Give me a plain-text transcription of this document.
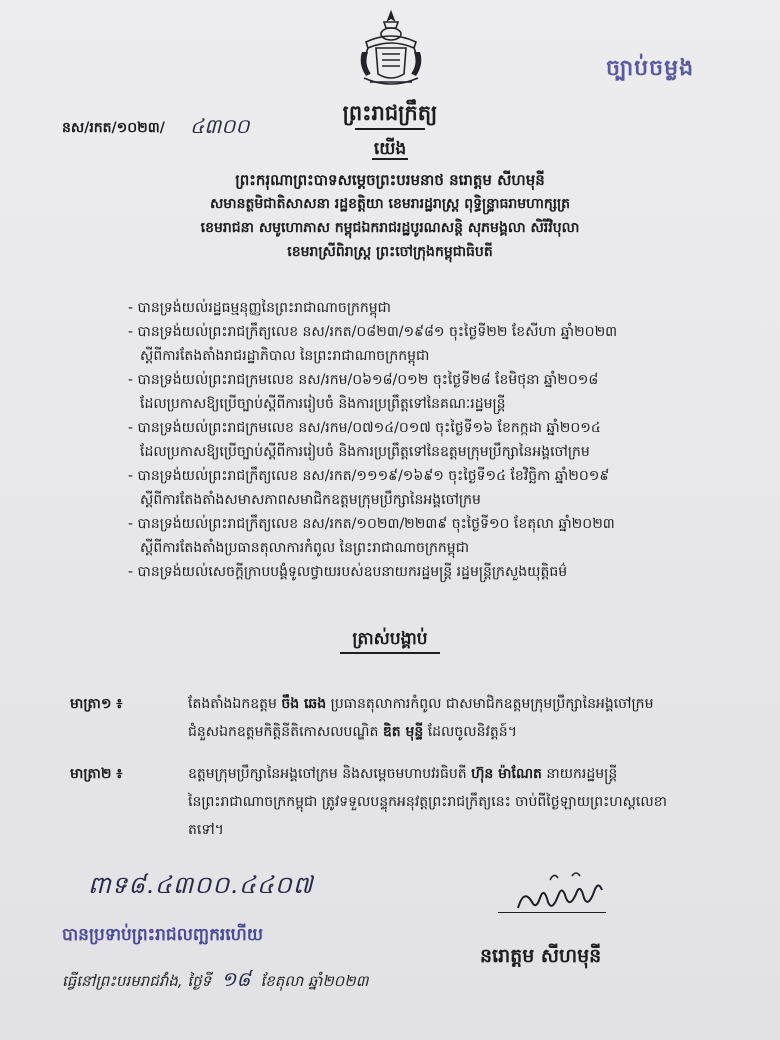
ច្បាប់ចម្លង
នស/រកត/១០២៣/ ៤៣០០
ព្រះរាជក្រឹត្យ
យើង
ព្រះករុណាព្រះបាទសម្តេចព្រះបរមនាថ នរោត្តម សីហមុនី
សមានត្ថមិជាតិសាសនា រដ្ឋខត្តិយា ខេមរារដ្ឋរាស្ត្រ ពុទ្ធិន្ទ្រាធរាមហាក្សត្រ
ខេមរាជនា សមូហោភាស កម្ពុជឯករាជរដ្ឋបូរណសន្តិ សុភមង្គលា សិរីវិបុលា
ខេមរាស្រីពិរាស្ត្រ ព្រះចៅក្រុងកម្ពុជាធិបតី
- បានទ្រង់យល់រដ្ឋធម្មនុញ្ញនៃព្រះរាជាណាចក្រកម្ពុជា
- បានទ្រង់យល់ព្រះរាជក្រឹត្យលេខ នស/រកត/០៨២៣/១៩៨១ ចុះថ្ងៃទី២២ ខែសីហា ឆ្នាំ២០២៣
ស្តីពីការតែងតាំងរាជរដ្ឋាភិបាល នៃព្រះរាជាណាចក្រកម្ពុជា
- បានទ្រង់យល់ព្រះរាជក្រមលេខ នស/រកម/០៦១៨/០១២ ចុះថ្ងៃទី២៨ ខែមិថុនា ឆ្នាំ២០១៨
ដែលប្រកាសឱ្យប្រើច្បាប់ស្តីពីការរៀបចំ និងការប្រព្រឹត្តទៅនៃគណៈរដ្ឋមន្ត្រី
- បានទ្រង់យល់ព្រះរាជក្រមលេខ នស/រកម/០៧១៤/០១៧ ចុះថ្ងៃទី១៦ ខែកក្កដា ឆ្នាំ២០១៤
ដែលប្រកាសឱ្យប្រើច្បាប់ស្តីពីការរៀបចំ និងការប្រព្រឹត្តទៅនៃឧត្តមក្រុមប្រឹក្សានៃអង្គចៅក្រម
- បានទ្រង់យល់ព្រះរាជក្រឹត្យលេខ នស/រកត/១១១៩/១៦៩១ ចុះថ្ងៃទី១៤ ខែវិច្ឆិកា ឆ្នាំ២០១៩
ស្តីពីការតែងតាំងសមាសភាពសមាជិកឧត្តមក្រុមប្រឹក្សានៃអង្គចៅក្រម
- បានទ្រង់យល់ព្រះរាជក្រឹត្យលេខ នស/រកត/១០២៣/២២៣៩ ចុះថ្ងៃទី១០ ខែតុលា ឆ្នាំ២០២៣
ស្តីពីការតែងតាំងប្រធានតុលាការកំពូល នៃព្រះរាជាណាចក្រកម្ពុជា
- បានទ្រង់យល់សេចក្តីក្រាបបង្គំទូលថ្វាយរបស់ឧបនាយករដ្ឋមន្ត្រី រដ្ឋមន្ត្រីក្រសួងយុត្តិធម៌
ត្រាស់បង្គាប់
មាត្រា១ ៖	តែងតាំងឯកឧត្តម ចឹង ឆេង ប្រធានតុលាការកំពូល ជាសមាជិកឧត្តមក្រុមប្រឹក្សានៃអង្គចៅក្រម
ជំនួសឯកឧត្តមកិត្តិនីតិកោសលបណ្ឌិត ឌិត មុន្ទី ដែលចូលនិវត្តន៍។
មាត្រា២ ៖	ឧត្តមក្រុមប្រឹក្សានៃអង្គចៅក្រម និងសម្តេចមហាបវរធិបតី ហ៊ុន ម៉ាណែត នាយករដ្ឋមន្ត្រី
នៃព្រះរាជាណាចក្រកម្ពុជា ត្រូវទទួលបន្ទុកអនុវត្តព្រះរាជក្រឹត្យនេះ ចាប់ពីថ្ងៃឡាយព្រះហស្តលេខា
តទៅ។
ពាទ៨.៤៣០០.៤៤០៧
បានប្រទាប់ព្រះរាជលញ្ឆករហើយ
ធ្វើនៅព្រះបរមរាជវាំង, ថ្ងៃទី ១៨ ខែតុលា ឆ្នាំ២០២៣
នរោត្តម សីហមុនី
